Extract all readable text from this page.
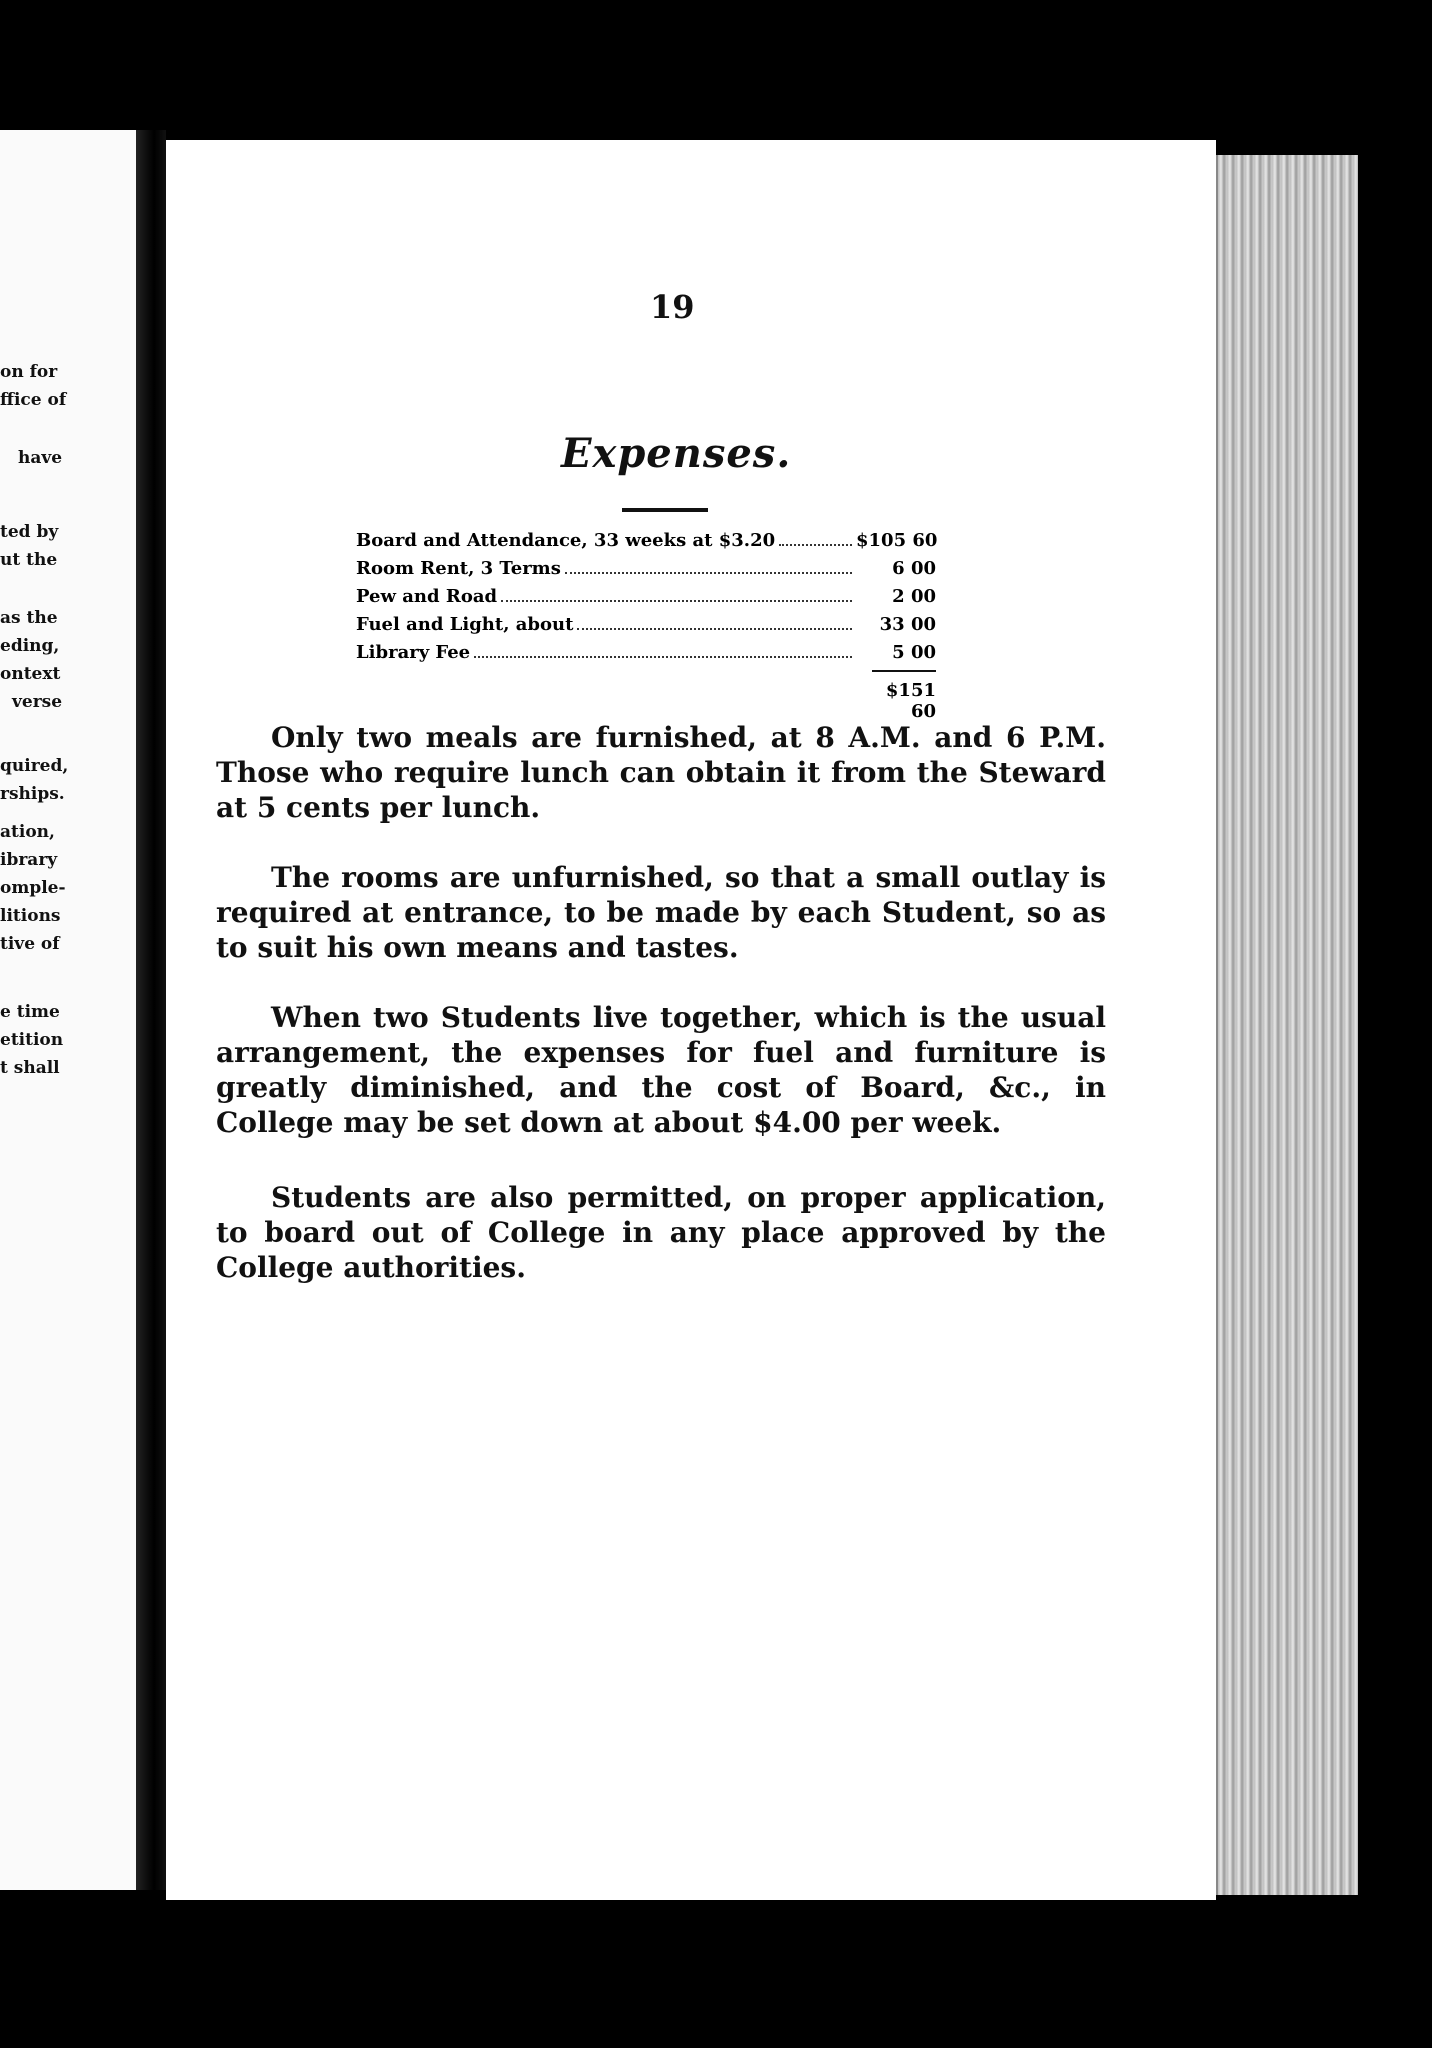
on for
ffice of
have
ted by
ut the
as the
eding,
ontext
verse
quired,
rships.
ation,
ibrary
omple-
litions
tive of
e time
etition
t shall
19
Expenses.
Board and Attendance, 33 weeks at $3.20	$105 60
Room Rent, 3 Terms	6 00
Pew and Road	2 00
Fuel and Light, about	33 00
Library Fee	5 00
$151 60
Only two meals are furnished, at 8 A.M. and 6 P.M. Those who require lunch can obtain it from the Steward at 5 cents per lunch.
The rooms are unfurnished, so that a small outlay is required at entrance, to be made by each Student, so as to suit his own means and tastes.
When two Students live together, which is the usual arrangement, the expenses for fuel and furniture is greatly diminished, and the cost of Board, &c., in College may be set down at about $4.00 per week.
Students are also permitted, on proper application, to board out of College in any place approved by the College authorities.
